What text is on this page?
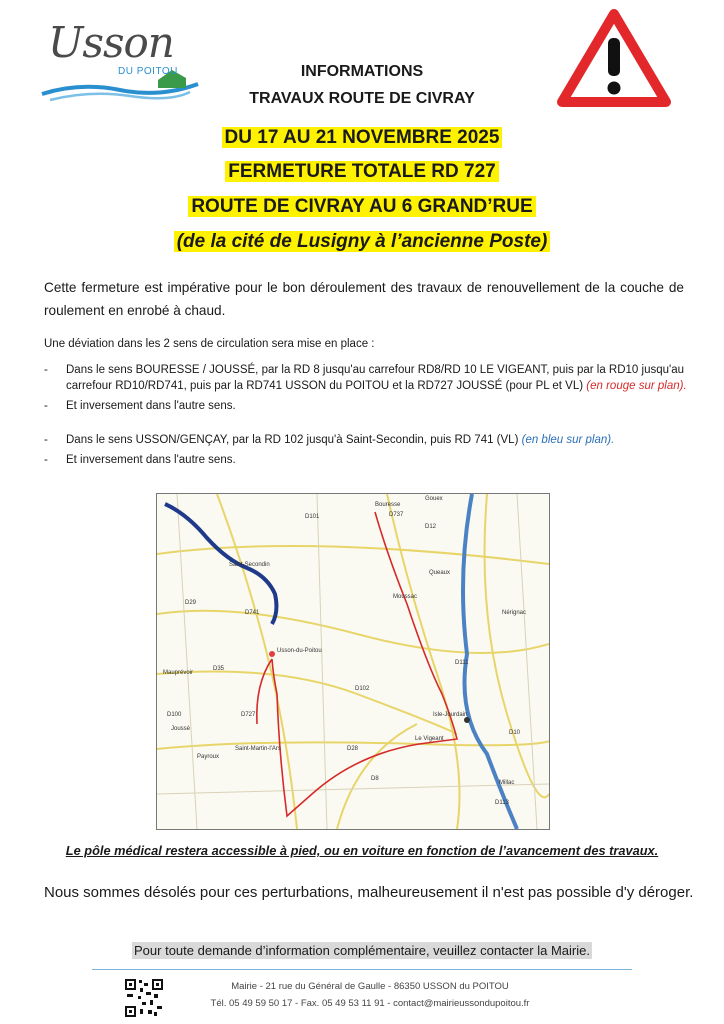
Usson
DU POITOU	INFORMATIONS
TRAVAUX ROUTE DE CIVRAY
DU 17 AU 21 NOVEMBRE 2025
FERMETURE TOTALE RD 727
ROUTE DE CIVRAY AU 6 GRAND’RUE
(de la cité de Lusigny à l’ancienne Poste)
Cette fermeture est impérative pour le bon déroulement des travaux de renouvellement de la couche de roulement en enrobé à chaud.
Une déviation dans les 2 sens de circulation sera mise en place :
- Dans le sens BOURESSE / JOUSSÉ, par la RD 8 jusqu'au carrefour RD8/RD 10 LE VIGEANT, puis par la RD10 jusqu'au carrefour RD10/RD741, puis par la RD741 USSON du POITOU et la RD727 JOUSSÉ (pour PL et VL) (en rouge sur plan).
- Et inversement dans l'autre sens.
- Dans le sens USSON/GENÇAY, par la RD 102 jusqu'à Saint-Secondin, puis RD 741 (VL) (en bleu sur plan).
- Et inversement dans l'autre sens.
Bouresse
Gouex
Saint-Secondin
Usson-du-Poitou
Nérignac
Isle-Jourdain
Le Vigeant
Saint-Martin-l'Ars
Payroux
Mauprévoir
Millac
Queaux
Moussac
Joussé
D101	D737
D12
D741
D29
D35
D102
D28
D10
D113
D8
D727
D111
D100
Le pôle médical restera accessible à pied, ou en voiture en fonction de l’avancement des travaux.
Nous sommes désolés pour ces perturbations, malheureusement il n'est pas possible d'y déroger.
Pour toute demande d’information complémentaire, veuillez contacter la Mairie.
Mairie - 21 rue du Général de Gaulle - 86350 USSON du POITOU
Tél. 05 49 59 50 17 - Fax. 05 49 53 11 91 - contact@mairieussondupoitou.fr
